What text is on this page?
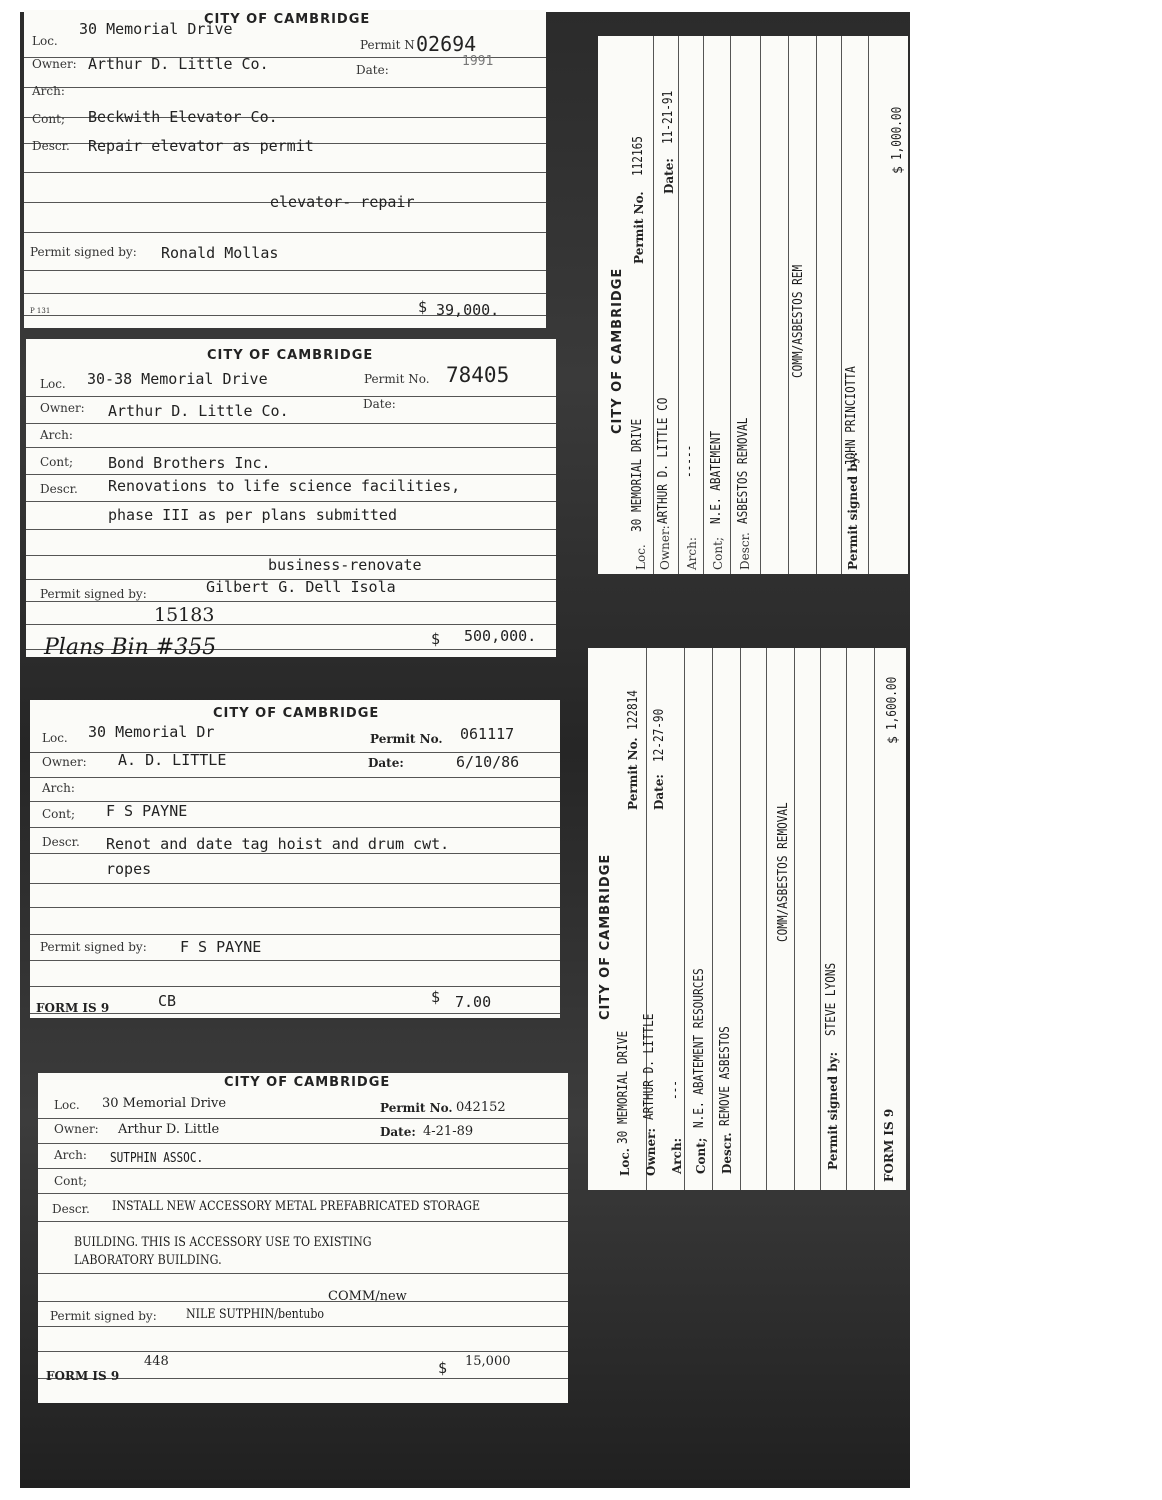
CITY OF CAMBRIDGE
Loc.
30 Memorial Drive
Permit N 02694
Owner: Arthur D. Little Co.	Date:
1991
Arch:
Cont; Beckwith Elevator Co.
Descr. Repair elevator as permit
elevator- repair
Permit signed by: Ronald Mollas
P 131	$ 39,000.
CITY OF CAMBRIDGE
Loc. 30-38 Memorial Drive	Permit No. 78405
Owner: Arthur D. Little Co.	Date:
Arch:
Cont; Bond Brothers Inc.
Descr. Renovations to life science facilities,
phase III as per plans submitted
business-renovate
Permit signed by:	Gilbert G. Dell Isola
15183
Plans Bin #355	$ 500,000.
CITY OF CAMBRIDGE
Loc. 30 Memorial Dr	Permit No. 061117
Owner: A. D. LITTLE	Date:	6/10/86
Arch:
Cont; F S PAYNE
Descr. Renot and date tag hoist and drum cwt.
ropes
Permit signed by: F S PAYNE
FORM IS 9	CB	$ 7.00
CITY OF CAMBRIDGE
Loc. 30 Memorial Drive	Permit No. 042152
Owner: Arthur D. Little	Date: 4-21-89
Arch: SUTPHIN ASSOC.
Cont;
Descr. INSTALL NEW ACCESSORY METAL PREFABRICATED STORAGE
BUILDING. THIS IS ACCESSORY USE TO EXISTING
LABORATORY BUILDING.
COMM/new
Permit signed by: NILE SUTPHIN/bentubo
FORM IS 9
448	$ 15,000
CITY OF CAMBRIDGE
Loc.
30 MEMORIAL DRIVE
Permit No.
112165
Owner:
ARTHUR D. LITTLE CO
Date:
11-21-91
Arch:
-----
Cont;
N.E. ABATEMENT
Descr.
ASBESTOS REMOVAL
COMM/ASBESTOS REM
Permit signed by:
JOHN PRINCIOTTA
$
1,000.00
CITY OF CAMBRIDGE
Loc.
30 MEMORIAL DRIVE
Permit No.
122814
Owner:
ARTHUR D. LITTLE
Date:
12-27-90
Arch:
---
Cont;
N.E. ABATEMENT RESOURCES
Descr.
REMOVE ASBESTOS
COMM/ASBESTOS REMOVAL
Permit signed by:
STEVE LYONS
FORM IS 9
$
1,600.00
